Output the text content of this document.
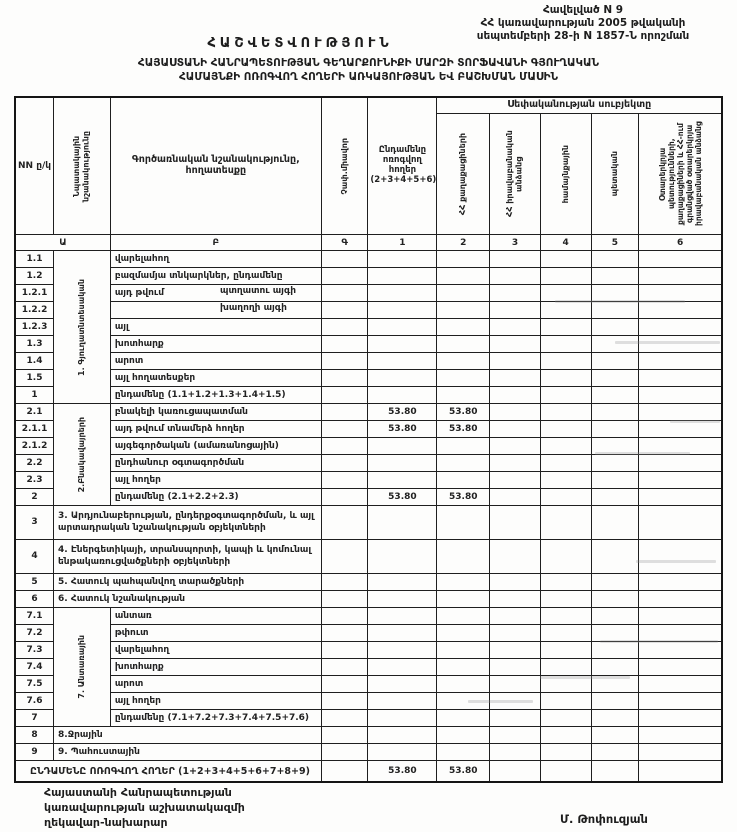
Հավելված N 9
ՀՀ կառավարության 2005 թվականի
սեպտեմբերի 28-ի N 1857-Ն որոշման
ՀԱՇՎԵՏՎՈՒԹՅՈՒՆ
ՀԱՅԱՍՏԱՆԻ ՀԱՆՐԱՊԵՏՈՒԹՅԱՆ ԳԵՂԱՐՔՈՒՆԻՔԻ ՄԱՐԶԻ ՏՈՐՖԱՎԱՆԻ ԳՅՈՒՂԱԿԱՆ
ՀԱՄԱՅՆՔԻ ՈՌՈԳՎՈՂ ՀՈՂԵՐԻ ԱՌԿԱՅՈՒԹՅԱՆ ԵՎ ԲԱՇԽՄԱՆ ՄԱՍԻՆ
NN ը/կ	Նպատակային նշանակությունը	Գործառնական նշանակությունը, հողատեսքը	Չափ.միավոր	Ընդամենը ոռոգվող հողեր (2+3+4+5+6)	Սեփականության սուբյեկտը				

					ՀՀ քաղաքացիների	ՀՀ իրավաբանական անձանց	համայնքային	պետական	Օտարերկրյա պետությունների, քաղաքացիների և ՀՀ-ում գրանցված օտարերկրյա իրավաբանական անձանց

Ա		Բ	Գ	1	2	3	4	5	6
1.1	1. Գյուղատնտեսական	վարելահող							
1.2		բազմամյա տնկարկներ, ընդամենը							
1.2.1		այդ թվում պտղատու այգի							

1.2.2		խաղողի այգի							

1.2.3		այլ							
1.3		խոտհարք							
1.4		արոտ							
1.5		այլ հողատեսքեր							
1		ընդամենը (1.1+1.2+1.3+1.4+1.5)							
2.1	2.Բնակավայրերի	բնակելի կառուցապատման		53.80	53.80				
2.1.1		այդ թվում տնամերձ հողեր		53.80	53.80				
2.1.2		այգեգործական (ամառանոցային)							
2.2		ընդհանուր օգտագործման							
2.3		այլ հողեր							
2		ընդամենը (2.1+2.2+2.3)		53.80	53.80				
3	3. Արդյունաբերության, ընդերքօգտագործման, և այլ արտադրական նշանակության օբյեկտների								
4	4. Էներգետիկայի, տրանսպորտի, կապի և կոմունալ ենթակառուցվածքների օբյեկտների								
5	5. Հատուկ պահպանվող տարածքների								
6	6. Հատուկ նշանակության								
7.1	7. Անտառային	անտառ							
7.2		թփուտ							
7.3		վարելահող							
7.4		խոտհարք							
7.5		արոտ							
7.6		այլ հողեր							
7		ընդամենը (7.1+7.2+7.3+7.4+7.5+7.6)							
8	8.Ջրային								
9	9. Պահուստային								
ԸՆԴԱՄԵՆԸ ՈՌՈԳՎՈՂ ՀՈՂԵՐ (1+2+3+4+5+6+7+8+9)				53.80	53.80				
Հայաստանի Հանրապետության
կառավարության աշխատակազմի
ղեկավար-նախարար	Մ. Թոփուզյան
